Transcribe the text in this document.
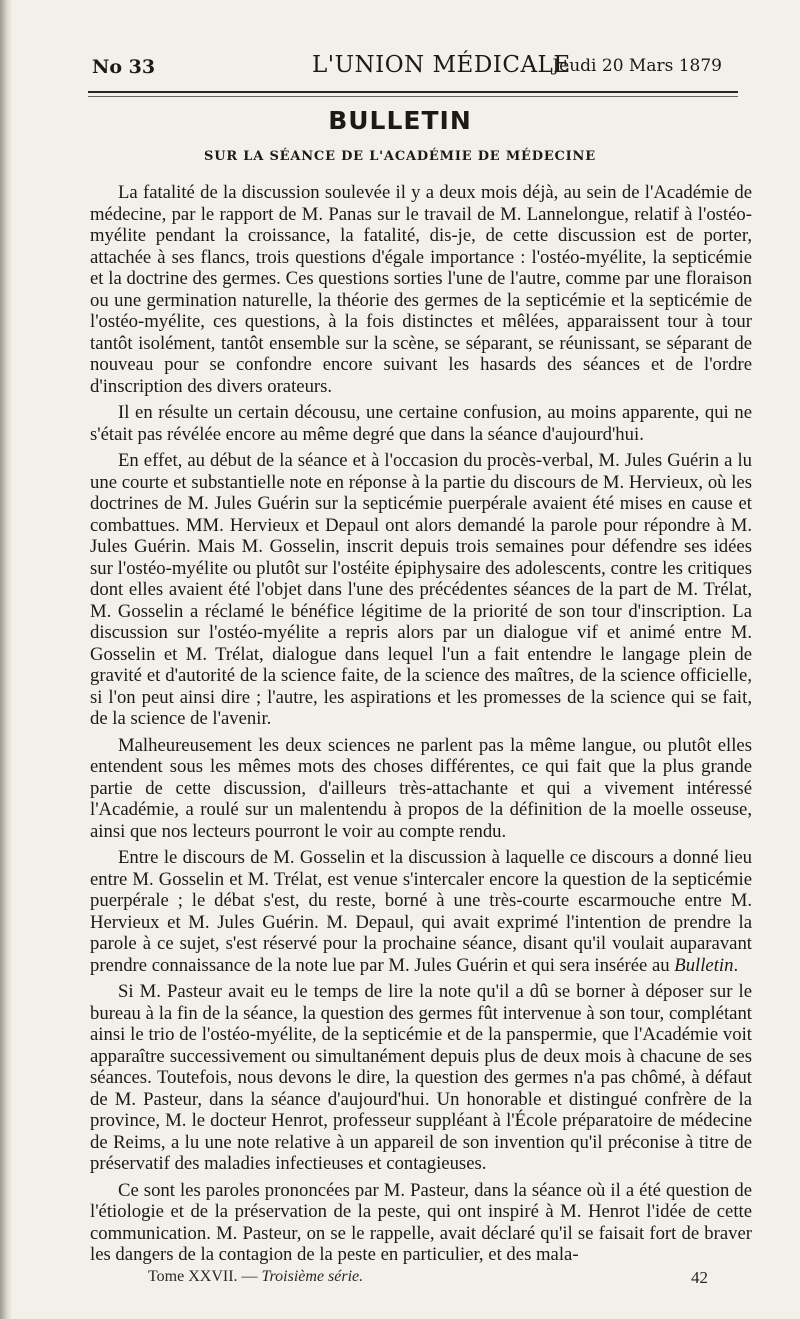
No 33	L'UNION MÉDICALE
Jeudi 20 Mars 1879
BULLETIN
SUR LA SÉANCE DE L'ACADÉMIE DE MÉDECINE

La fatalité de la discussion soulevée il y a deux mois déjà, au sein de l'Académie de médecine, par le rapport de M. Panas sur le travail de M. Lannelongue, relatif à l'ostéo-myélite pendant la croissance, la fatalité, dis-je, de cette discussion est de porter, attachée à ses flancs, trois questions d'égale importance : l'ostéo-myélite, la septicémie et la doctrine des germes. Ces questions sorties l'une de l'autre, comme par une floraison ou une germination naturelle, la théorie des germes de la septicémie et la septicémie de l'ostéo-myélite, ces questions, à la fois distinctes et mêlées, apparaissent tour à tour tantôt isolément, tantôt ensemble sur la scène, se séparant, se réunissant, se séparant de nouveau pour se confondre encore suivant les hasards des séances et de l'ordre d'inscription des divers orateurs.

Il en résulte un certain décousu, une certaine confusion, au moins apparente, qui ne s'était pas révélée encore au même degré que dans la séance d'aujourd'hui.

En effet, au début de la séance et à l'occasion du procès-verbal, M. Jules Guérin a lu une courte et substantielle note en réponse à la partie du discours de M. Hervieux, où les doctrines de M. Jules Guérin sur la septicémie puerpérale avaient été mises en cause et combattues. MM. Hervieux et Depaul ont alors demandé la parole pour répondre à M. Jules Guérin. Mais M. Gosselin, inscrit depuis trois semaines pour défendre ses idées sur l'ostéo-myélite ou plutôt sur l'ostéite épiphysaire des adolescents, contre les critiques dont elles avaient été l'objet dans l'une des précédentes séances de la part de M. Trélat, M. Gosselin a réclamé le bénéfice légitime de la priorité de son tour d'inscription. La discussion sur l'ostéo-myélite a repris alors par un dialogue vif et animé entre M. Gosselin et M. Trélat, dialogue dans lequel l'un a fait entendre le langage plein de gravité et d'autorité de la science faite, de la science des maîtres, de la science officielle, si l'on peut ainsi dire ; l'autre, les aspirations et les promesses de la science qui se fait, de la science de l'avenir.

Malheureusement les deux sciences ne parlent pas la même langue, ou plutôt elles entendent sous les mêmes mots des choses différentes, ce qui fait que la plus grande partie de cette discussion, d'ailleurs très-attachante et qui a vivement intéressé l'Académie, a roulé sur un malentendu à propos de la définition de la moelle osseuse, ainsi que nos lecteurs pourront le voir au compte rendu.

Entre le discours de M. Gosselin et la discussion à laquelle ce discours a donné lieu entre M. Gosselin et M. Trélat, est venue s'intercaler encore la question de la septicémie puerpérale ; le débat s'est, du reste, borné à une très-courte escarmouche entre M. Hervieux et M. Jules Guérin. M. Depaul, qui avait exprimé l'intention de prendre la parole à ce sujet, s'est réservé pour la prochaine séance, disant qu'il voulait auparavant prendre connaissance de la note lue par M. Jules Guérin et qui sera insérée au Bulletin.

Si M. Pasteur avait eu le temps de lire la note qu'il a dû se borner à déposer sur le bureau à la fin de la séance, la question des germes fût intervenue à son tour, complétant ainsi le trio de l'ostéo-myélite, de la septicémie et de la panspermie, que l'Académie voit apparaître successivement ou simultanément depuis plus de deux mois à chacune de ses séances. Toutefois, nous devons le dire, la question des germes n'a pas chômé, à défaut de M. Pasteur, dans la séance d'aujourd'hui. Un honorable et distingué confrère de la province, M. le docteur Henrot, professeur suppléant à l'École préparatoire de médecine de Reims, a lu une note relative à un appareil de son invention qu'il préconise à titre de préservatif des maladies infectieuses et contagieuses.

Ce sont les paroles prononcées par M. Pasteur, dans la séance où il a été question de l'étiologie et de la préservation de la peste, qui ont inspiré à M. Henrot l'idée de cette communication. M. Pasteur, on se le rappelle, avait déclaré qu'il se faisait fort de braver les dangers de la contagion de la peste en particulier, et des mala-

Tome XXVII. — Troisième série.	42
